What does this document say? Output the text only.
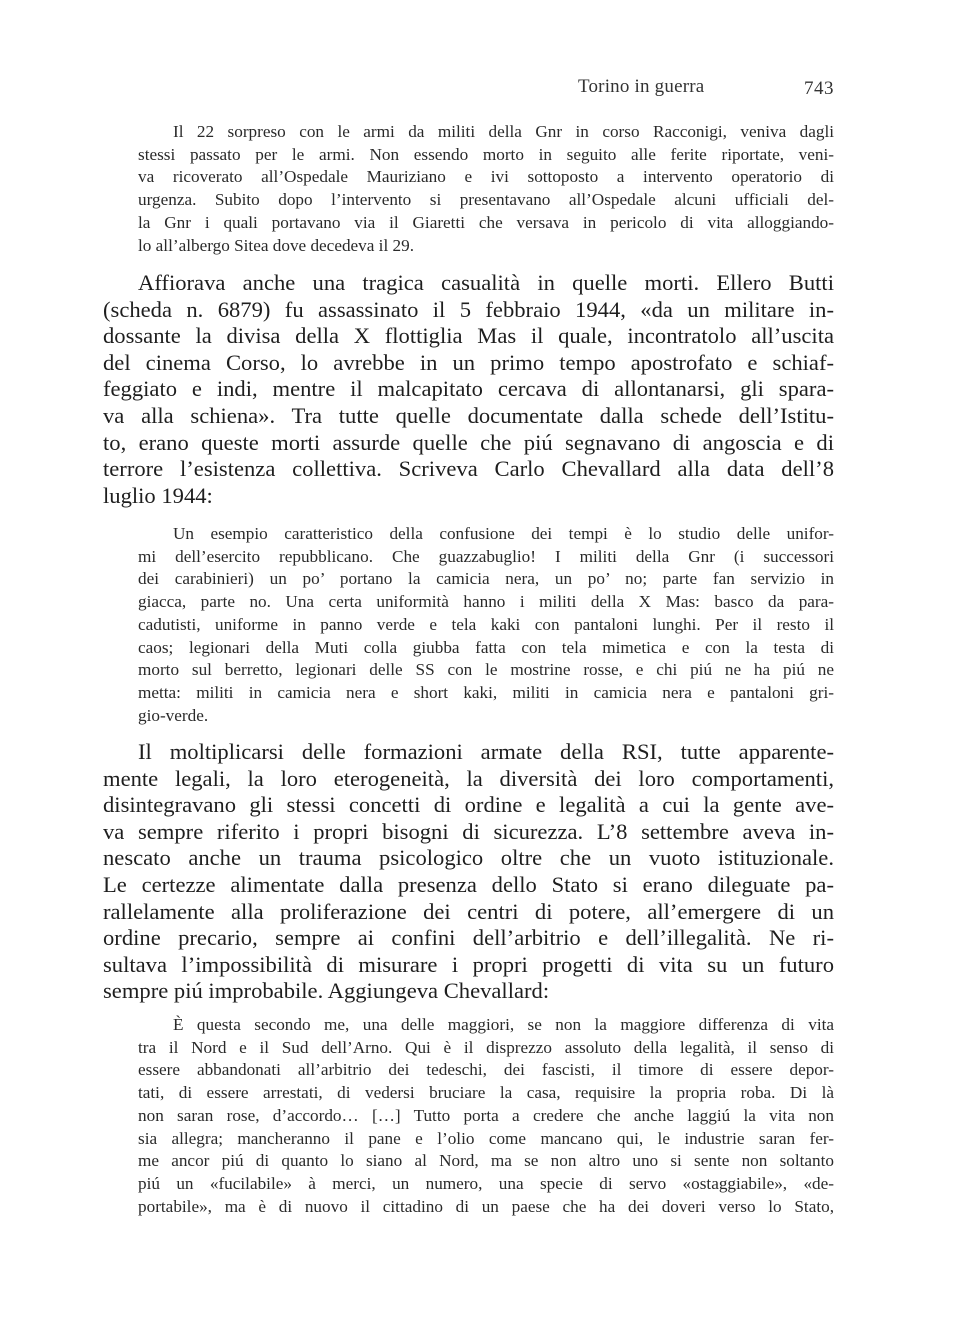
Torino in guerra	743
Il 22 sorpreso con le armi da militi della Gnr in corso Racconigi, veniva dagli
stessi passato per le armi. Non essendo morto in seguito alle ferite riportate, veni-
va ricoverato all’Ospedale Mauriziano e ivi sottoposto a intervento operatorio di
urgenza. Subito dopo l’intervento si presentavano all’Ospedale alcuni ufficiali del-
la Gnr i quali portavano via il Giaretti che versava in pericolo di vita alloggiando-
lo all’albergo Sitea dove decedeva il 29.
Affiorava anche una tragica casualità in quelle morti. Ellero Butti
(scheda n. 6879) fu assassinato il 5 febbraio 1944, «da un militare in-
dossante la divisa della X flottiglia Mas il quale, incontratolo all’uscita
del cinema Corso, lo avrebbe in un primo tempo apostrofato e schiaf-
feggiato e indi, mentre il malcapitato cercava di allontanarsi, gli spara-
va alla schiena». Tra tutte quelle documentate dalla schede dell’Istitu-
to, erano queste morti assurde quelle che piú segnavano di angoscia e di
terrore l’esistenza collettiva. Scriveva Carlo Chevallard alla data dell’8
luglio 1944:
Un esempio caratteristico della confusione dei tempi è lo studio delle unifor-
mi dell’esercito repubblicano. Che guazzabuglio! I militi della Gnr (i successori
dei carabinieri) un po’ portano la camicia nera, un po’ no; parte fan servizio in
giacca, parte no. Una certa uniformità hanno i militi della X Mas: basco da para-
cadutisti, uniforme in panno verde e tela kaki con pantaloni lunghi. Per il resto il
caos; legionari della Muti colla giubba fatta con tela mimetica e con la testa di
morto sul berretto, legionari delle SS con le mostrine rosse, e chi piú ne ha piú ne
metta: militi in camicia nera e short kaki, militi in camicia nera e pantaloni gri-
gio-verde.
Il moltiplicarsi delle formazioni armate della RSI, tutte apparente-
mente legali, la loro eterogeneità, la diversità dei loro comportamenti,
disintegravano gli stessi concetti di ordine e legalità a cui la gente ave-
va sempre riferito i propri bisogni di sicurezza. L’8 settembre aveva in-
nescato anche un trauma psicologico oltre che un vuoto istituzionale.
Le certezze alimentate dalla presenza dello Stato si erano dileguate pa-
rallelamente alla proliferazione dei centri di potere, all’emergere di un
ordine precario, sempre ai confini dell’arbitrio e dell’illegalità. Ne ri-
sultava l’impossibilità di misurare i propri progetti di vita su un futuro
sempre piú improbabile. Aggiungeva Chevallard:
È questa secondo me, una delle maggiori, se non la maggiore differenza di vita
tra il Nord e il Sud dell’Arno. Qui è il disprezzo assoluto della legalità, il senso di
essere abbandonati all’arbitrio dei tedeschi, dei fascisti, il timore di essere depor-
tati, di essere arrestati, di vedersi bruciare la casa, requisire la propria roba. Di là
non saran rose, d’accordo… […] Tutto porta a credere che anche laggiú la vita non
sia allegra; mancheranno il pane e l’olio come mancano qui, le industrie saran fer-
me ancor piú di quanto lo siano al Nord, ma se non altro uno si sente non soltanto
piú un «fucilabile» à merci, un numero, una specie di servo «ostaggiabile», «de-
portabile», ma è di nuovo il cittadino di un paese che ha dei doveri verso lo Stato,
